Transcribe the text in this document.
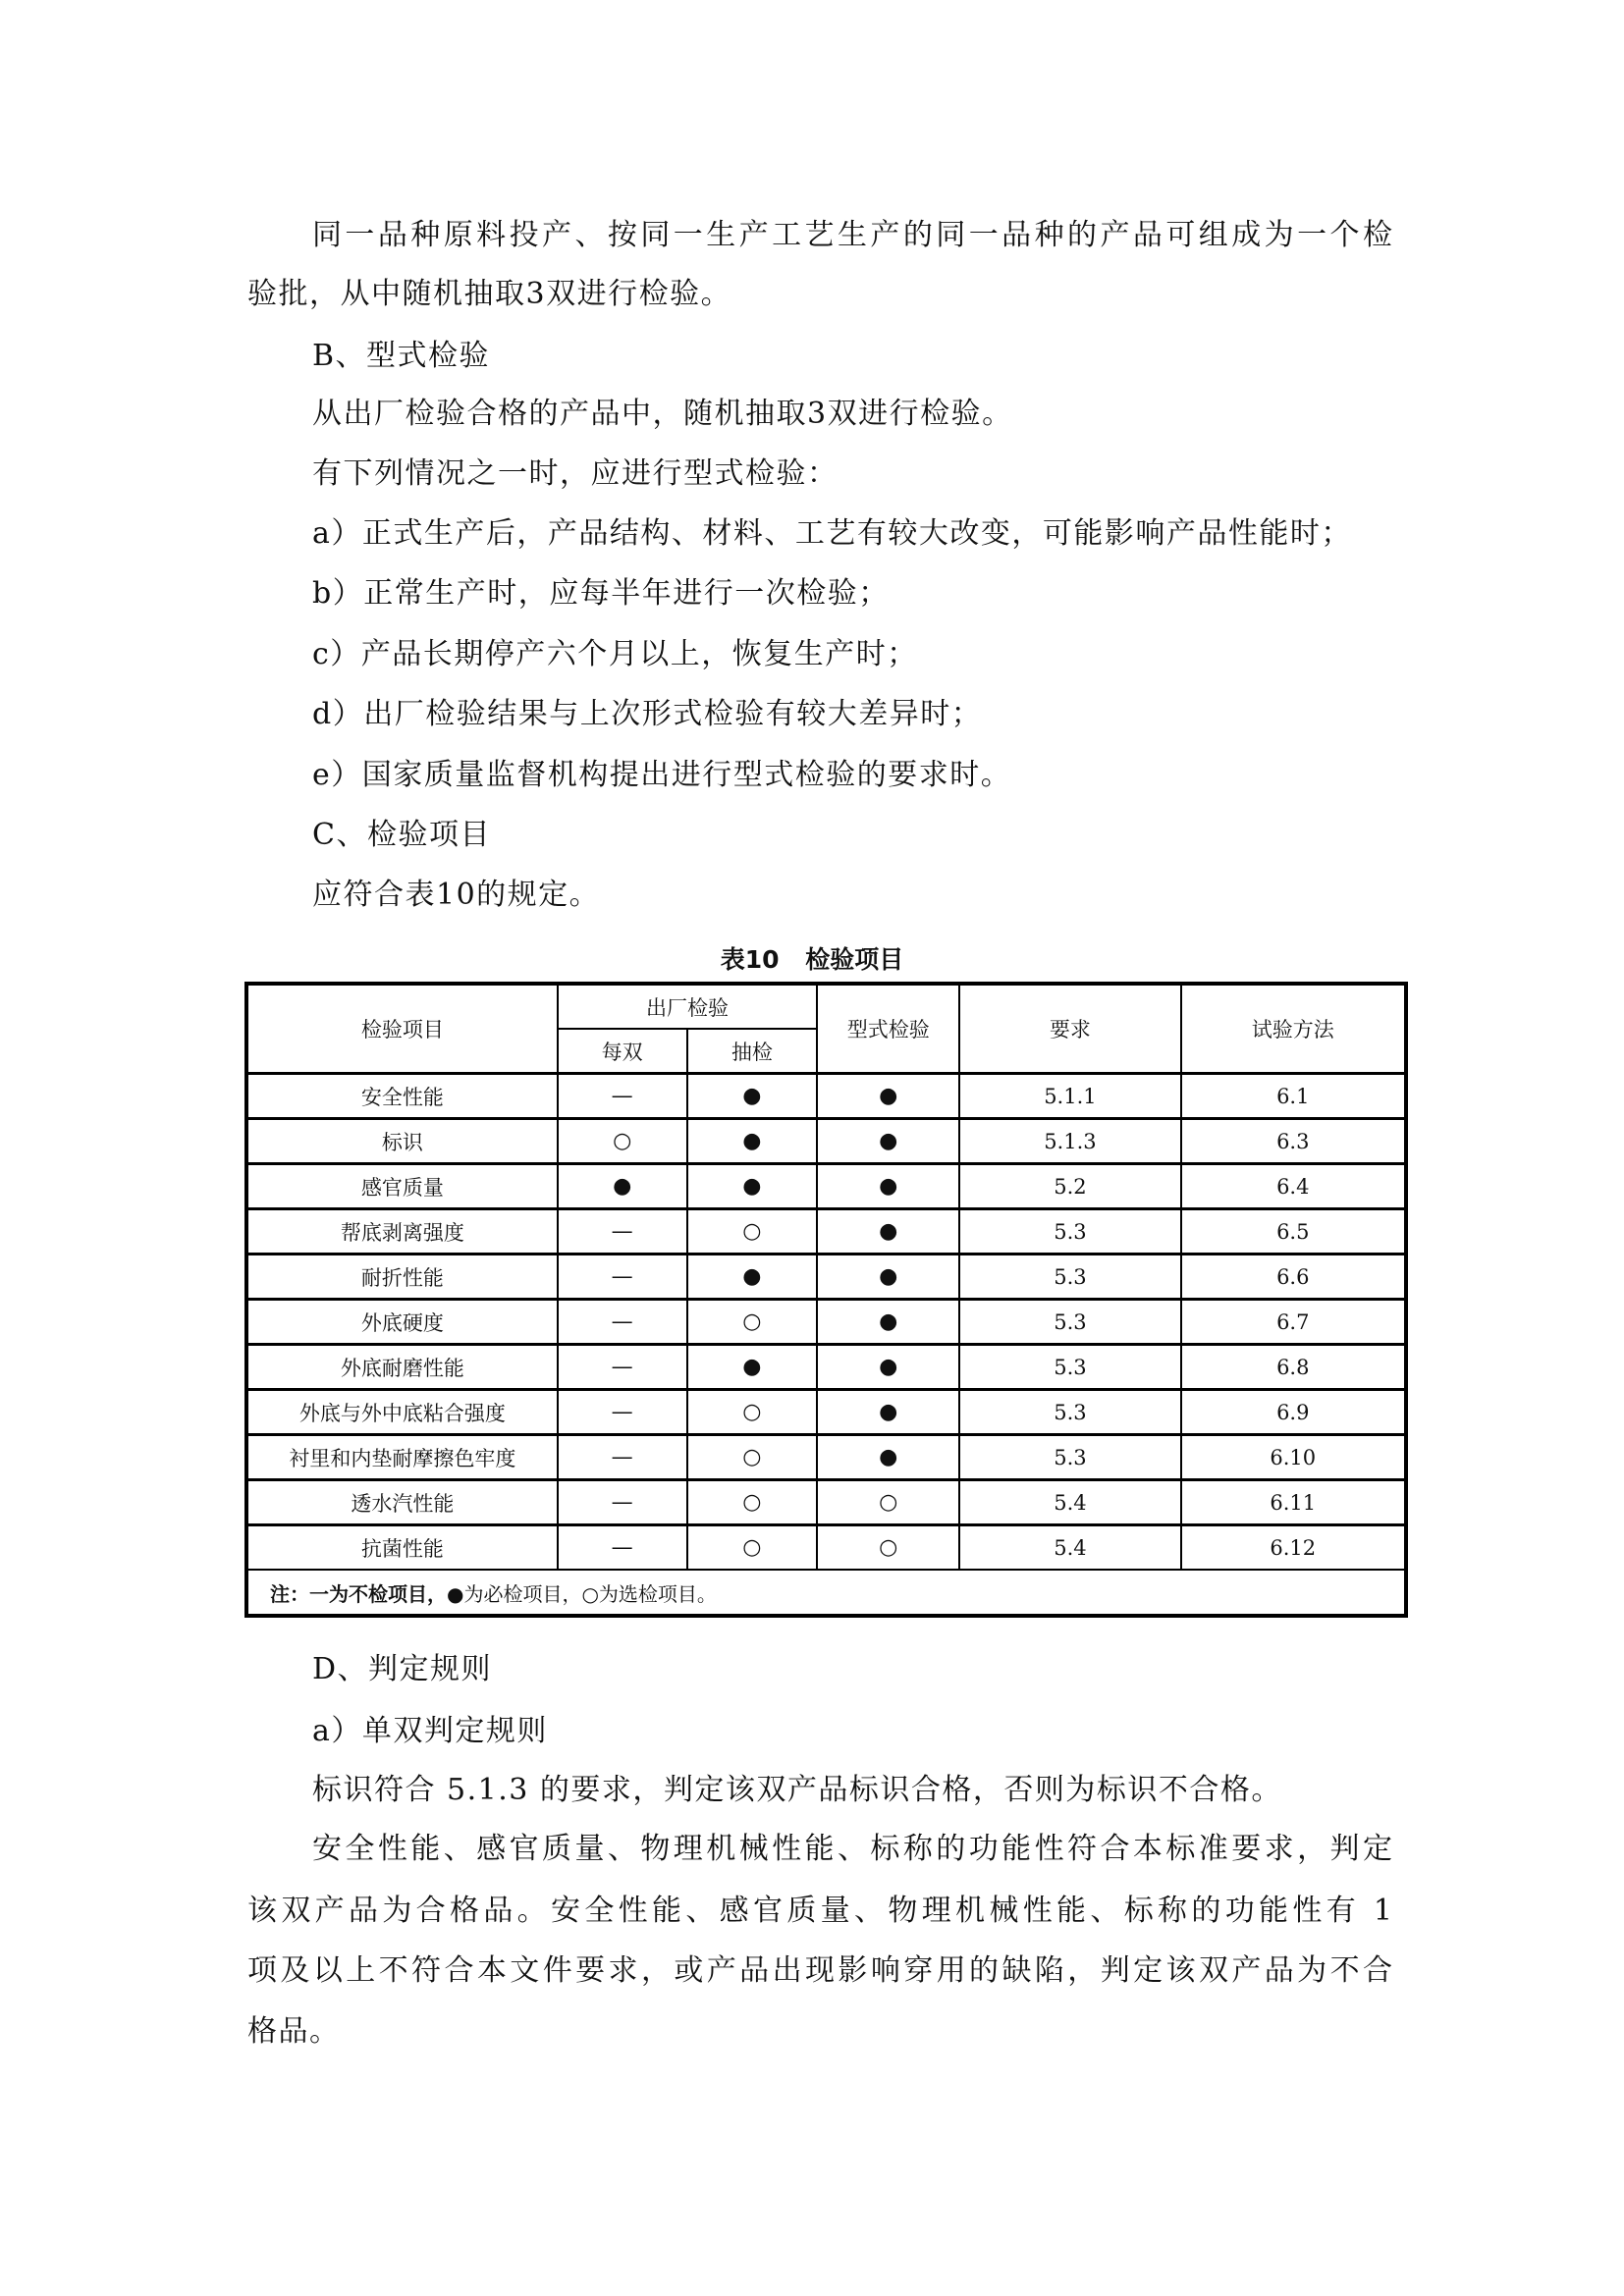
同一品种原料投产、按同一生产工艺生产的同一品种的产品可组成为一个检
验批，从中随机抽取3双进行检验。
B、型式检验
从出厂检验合格的产品中，随机抽取3双进行检验。
有下列情况之一时，应进行型式检验：
a）正式生产后，产品结构、材料、工艺有较大改变，可能影响产品性能时；
b）正常生产时，应每半年进行一次检验；
c）产品长期停产六个月以上，恢复生产时；
d）出厂检验结果与上次形式检验有较大差异时；
e）国家质量监督机构提出进行型式检验的要求时。
C、检验项目
应符合表10的规定。
表10 检验项目
检验项目	出厂检验		型式检验	要求	试验方法
	每双	抽检			
安全性能	—	●	●	5.1.1	6.1
标识	○	●	●	5.1.3	6.3
感官质量	●	●	●	5.2	6.4
帮底剥离强度	—	○	●	5.3	6.5
耐折性能	—	●	●	5.3	6.6
外底硬度	—	○	●	5.3	6.7
外底耐磨性能	—	●	●	5.3	6.8
外底与外中底粘合强度	—	○	●	5.3	6.9
衬里和内垫耐摩擦色牢度	—	○	●	5.3	6.10
透水汽性能	—	○	○	5.4	6.11
抗菌性能	—	○	○	5.4	6.12
注：一为不检项目，●为必检项目，○为选检项目。					
D、判定规则
a）单双判定规则
标识符合 5.1.3 的要求，判定该双产品标识合格，否则为标识不合格。
安全性能、感官质量、物理机械性能、标称的功能性符合本标准要求，判定
该双产品为合格品。安全性能、感官质量、物理机械性能、标称的功能性有 1
项及以上不符合本文件要求，或产品出现影响穿用的缺陷，判定该双产品为不合
格品。
